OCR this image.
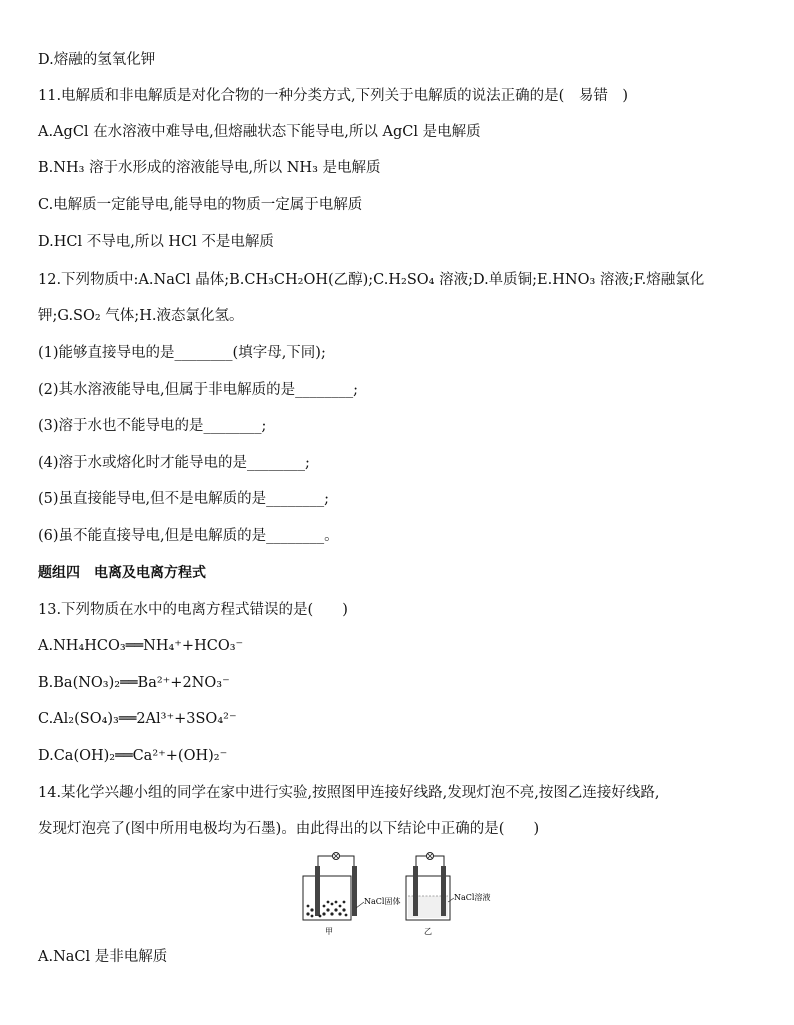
D.熔融的氢氧化钾
11.电解质和非电解质是对化合物的一种分类方式,下列关于电解质的说法正确的是(　易错　)
A.AgCl 在水溶液中难导电,但熔融状态下能导电,所以 AgCl 是电解质
B.NH₃ 溶于水形成的溶液能导电,所以 NH₃ 是电解质
C.电解质一定能导电,能导电的物质一定属于电解质
D.HCl 不导电,所以 HCl 不是电解质
12.下列物质中:A.NaCl 晶体;B.CH₃CH₂OH(乙醇);C.H₂SO₄ 溶液;D.单质铜;E.HNO₃ 溶液;F.熔融氯化
钾;G.SO₂ 气体;H.液态氯化氢。
(1)能够直接导电的是________(填字母,下同);
(2)其水溶液能导电,但属于非电解质的是________;
(3)溶于水也不能导电的是________;
(4)溶于水或熔化时才能导电的是________;
(5)虽直接能导电,但不是电解质的是________;
(6)虽不能直接导电,但是电解质的是________。
题组四　电离及电离方程式
13.下列物质在水中的电离方程式错误的是(　　)
A.NH₄HCO₃══NH₄⁺+HCO₃⁻
B.Ba(NO₃)₂══Ba²⁺+2NO₃⁻
C.Al₂(SO₄)₃══2Al³⁺+3SO₄²⁻
D.Ca(OH)₂══Ca²⁺+(OH)₂⁻
14.某化学兴趣小组的同学在家中进行实验,按照图甲连接好线路,发现灯泡不亮,按图乙连接好线路,
发现灯泡亮了(图中所用电极均为石墨)。由此得出的以下结论中正确的是(　　)
NaCl固体
甲
NaCl溶液
乙
A.NaCl 是非电解质
